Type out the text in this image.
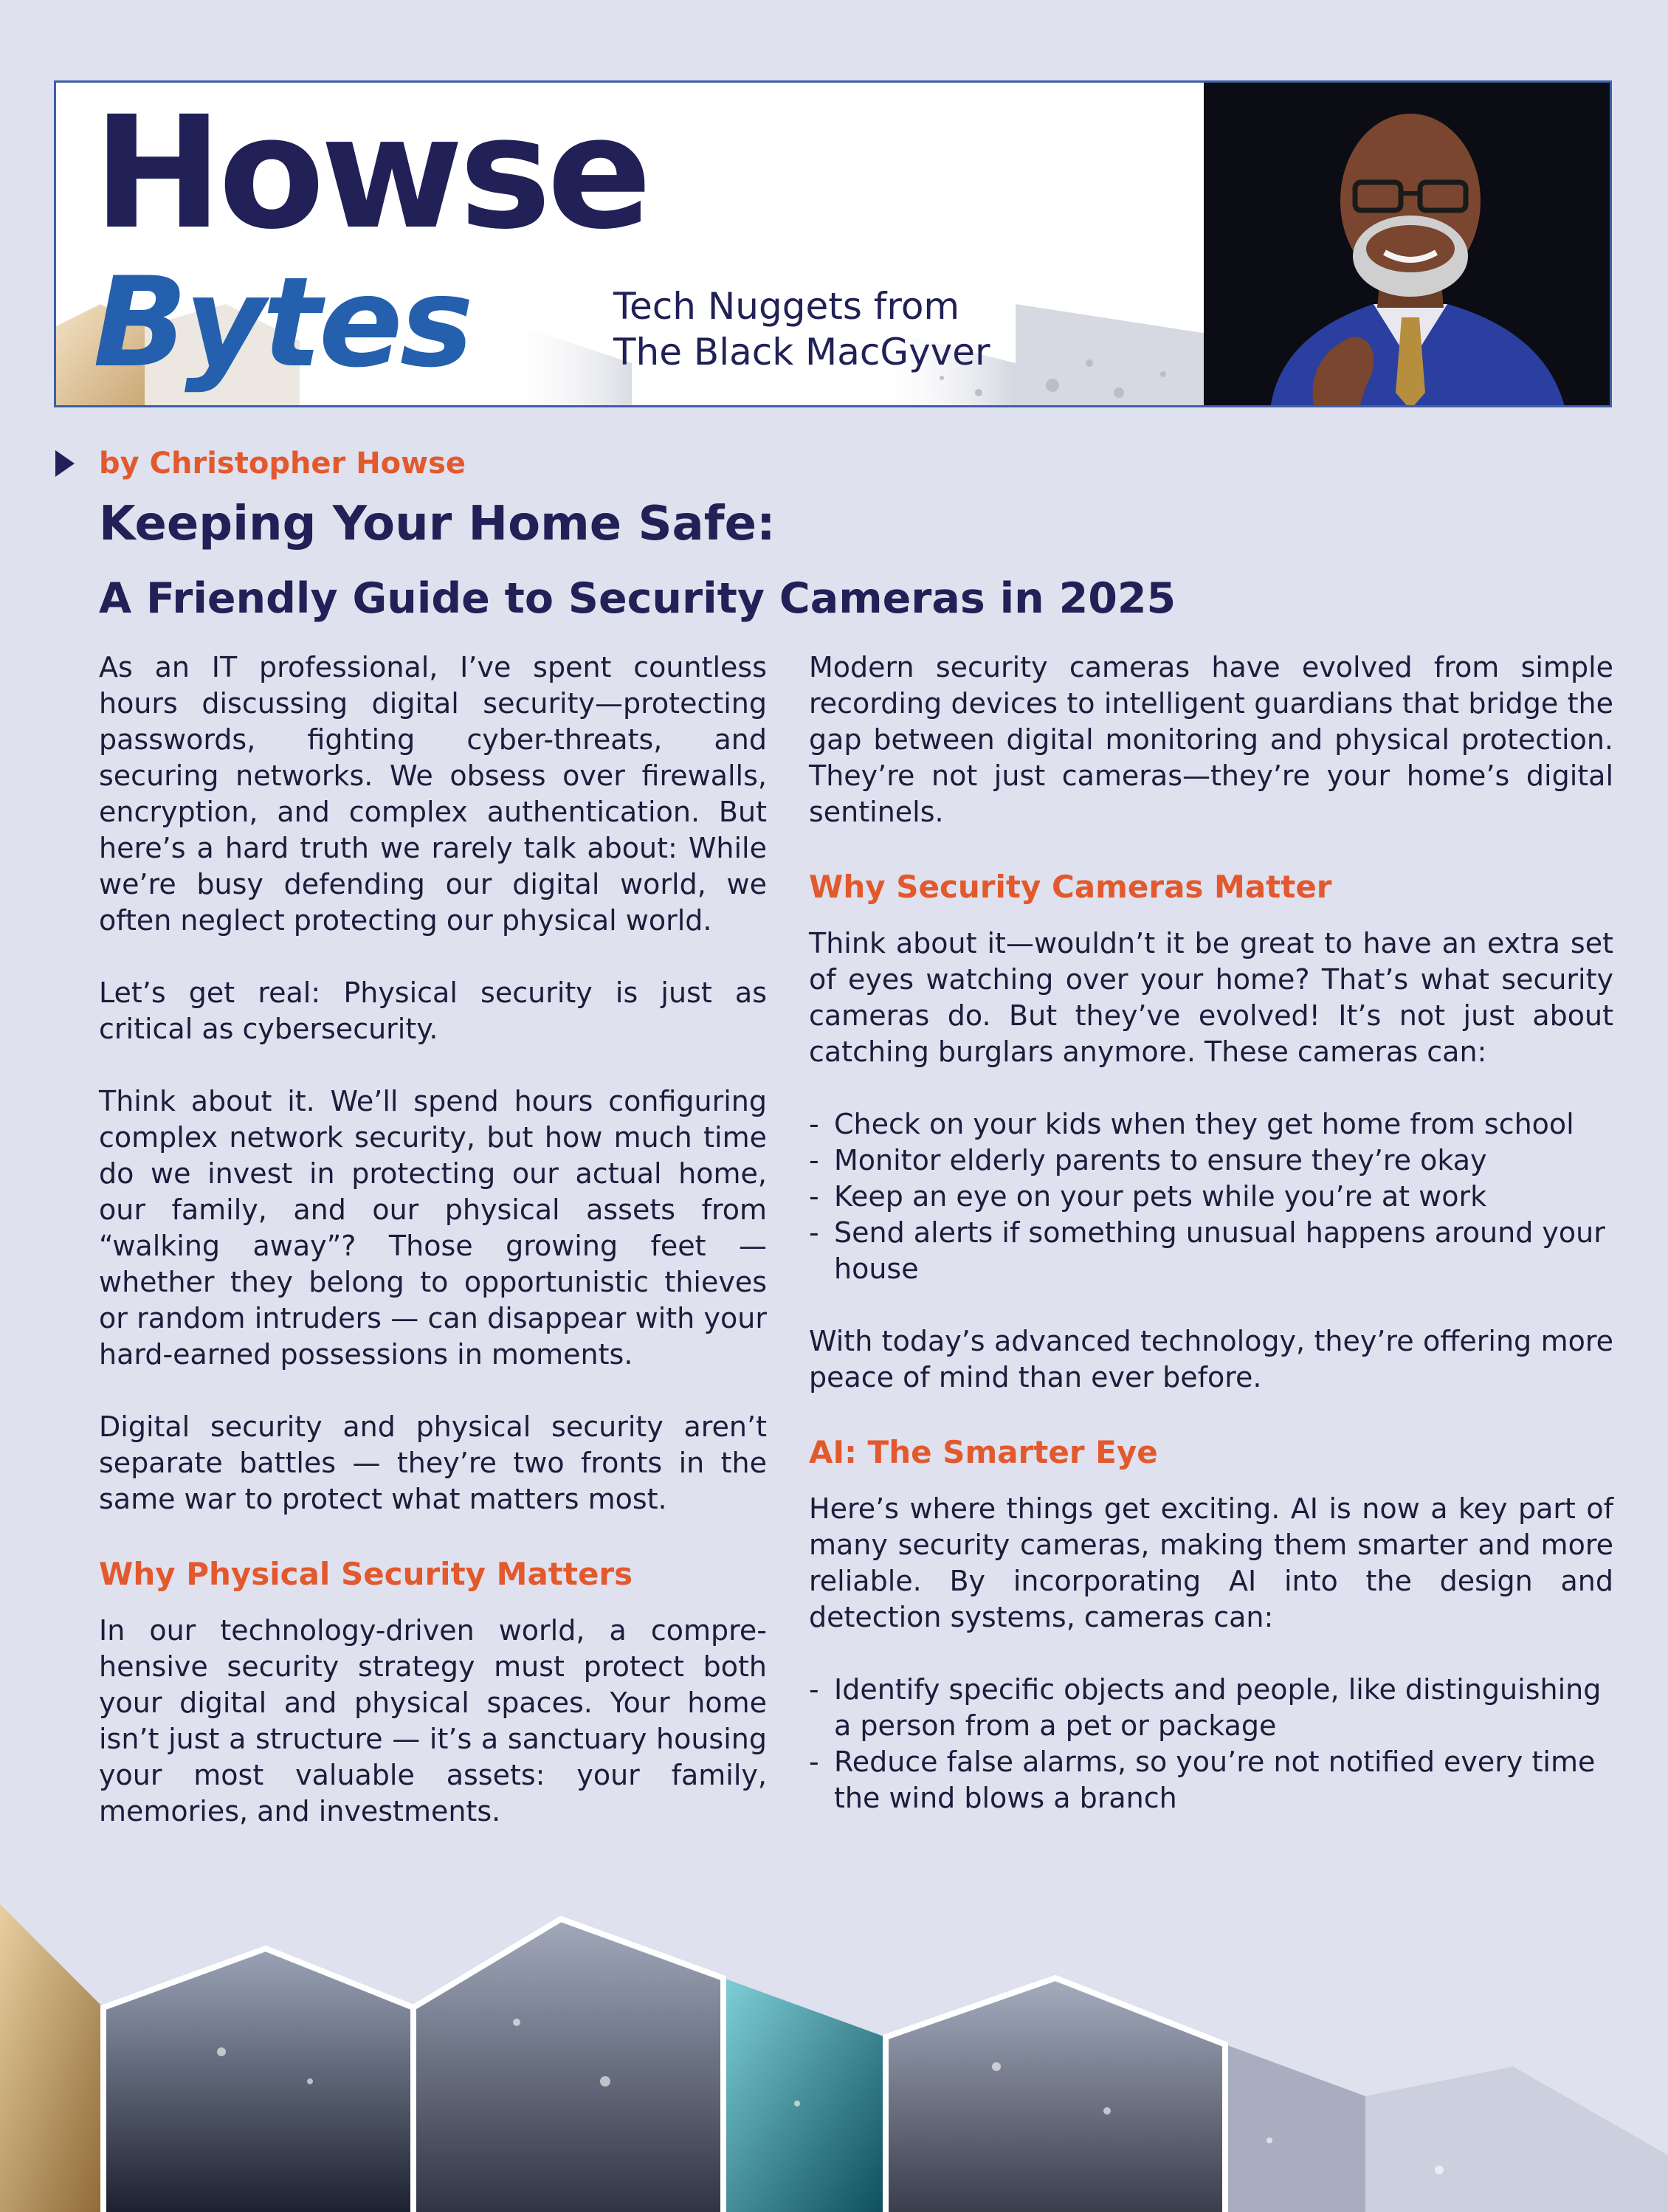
Howse
Bytes	Tech Nuggets from
The Black MacGyver
by Christopher Howse
Keeping Your Home Safe:
A Friendly Guide to Security Cameras in 2025

As an IT professional, I’ve spent countless hours discussing digital security—protecting passwords, fighting cyber-threats, and securing networks. We obsess over firewalls, encryption, and complex authentication. But here’s a hard truth we rarely talk about: While we’re busy defending our digital world, we often neglect protecting our physical world.

Let’s get real: Physical security is just as critical as cybersecurity.

Think about it. We’ll spend hours configuring complex network security, but how much time do we invest in protecting our actual home, our family, and our physical assets from “walking away”? Those growing feet — whether they belong to opportunistic thieves or random intruders — can disappear with your hard-earned possessions in moments.

Digital security and physical security aren’t separate battles — they’re two fronts in the same war to protect what matters most.

Why Physical Security Matters

In our technology-driven world, a compre-hensive security strategy must protect both your digital and physical spaces. Your home isn’t just a structure — it’s a sanctuary housing your most valuable assets: your family, memories, and investments.

Modern security cameras have evolved from simple recording devices to intelligent guardians that bridge the gap between digital monitoring and physical protection. They’re not just cameras—they’re your home’s digital sentinels.

Why Security Cameras Matter

Think about it—wouldn’t it be great to have an extra set of eyes watching over your home? That’s what security cameras do. But they’ve evolved! It’s not just about catching burglars anymore. These cameras can:

- Check on your kids when they get home from school
- Monitor elderly parents to ensure they’re okay
- Keep an eye on your pets while you’re at work
- Send alerts if something unusual happens around your house

With today’s advanced technology, they’re offering more peace of mind than ever before.

AI: The Smarter Eye

Here’s where things get exciting. AI is now a key part of many security cameras, making them smarter and more reliable. By incorporating AI into the design and detection systems, cameras can:

- Identify specific objects and people, like distinguishing a person from a pet or package
- Reduce false alarms, so you’re not notified every time the wind blows a branch
